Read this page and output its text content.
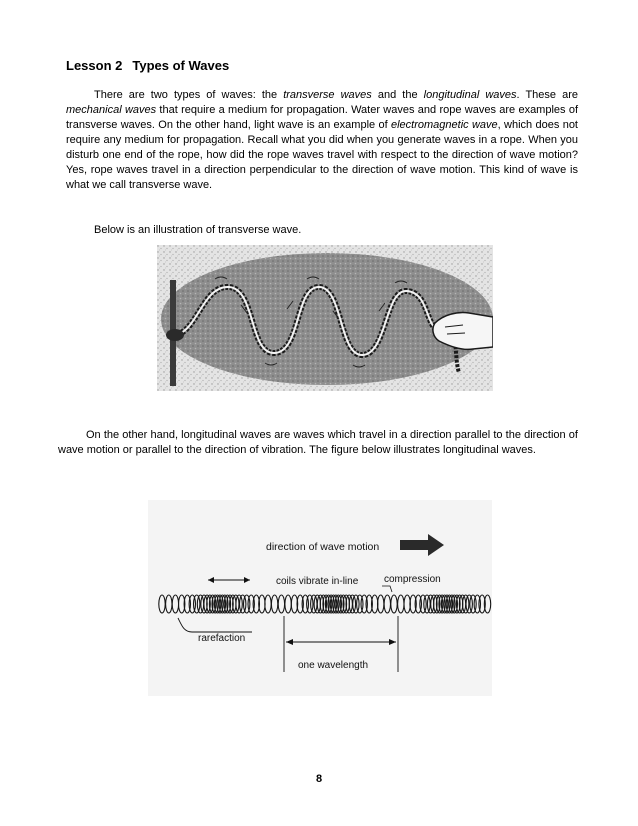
Lesson 2 Types of Waves

There are two types of waves: the transverse waves and the longitudinal waves. These are mechanical waves that require a medium for propagation. Water waves and rope waves are examples of transverse waves. On the other hand, light wave is an example of electromagnetic wave, which does not require any medium for propagation. Recall what you did when you generate waves in a rope. When you disturb one end of the rope, how did the rope waves travel with respect to the direction of wave motion? Yes, rope waves travel in a direction perpendicular to the direction of wave motion. This kind of wave is what we call transverse wave.

Below is an illustration of transverse wave.

On the other hand, longitudinal waves are waves which travel in a direction parallel to the direction of wave motion or parallel to the direction of vibration. The figure below illustrates longitudinal waves.

direction of wave motion
coils vibrate in-line	compression
rarefaction
one wavelength
8
